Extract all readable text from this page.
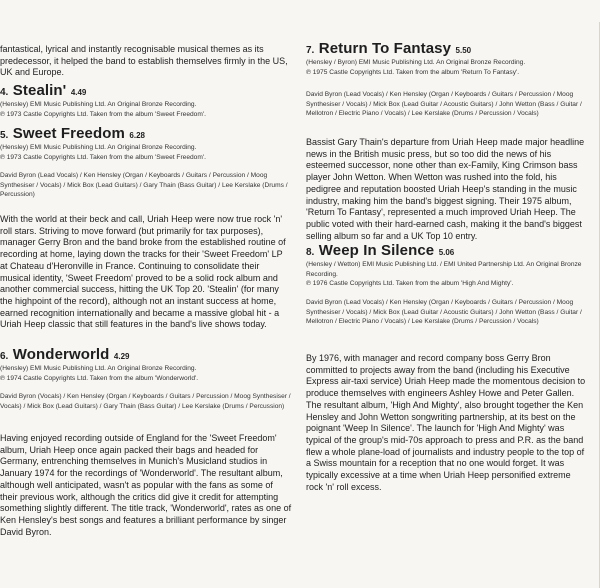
fantastical, lyrical and instantly recognisable musical themes as its predecessor, it helped the band to establish themselves firmly in the US, UK and Europe.
4. Stealin' 4.49
(Hensley) EMI Music Publishing Ltd. An Original Bronze Recording.
℗ 1973 Castle Copyrights Ltd. Taken from the album 'Sweet Freedom'.
5. Sweet Freedom 6.28
(Hensley) EMI Music Publishing Ltd. An Original Bronze Recording.
℗ 1973 Castle Copyrights Ltd. Taken from the album 'Sweet Freedom'.
David Byron (Lead Vocals) / Ken Hensley (Organ / Keyboards / Guitars / Percussion / Moog Synthesiser / Vocals) / Mick Box (Lead Guitars) / Gary Thain (Bass Guitar) / Lee Kerslake (Drums / Percussion)
With the world at their beck and call, Uriah Heep were now true rock 'n' roll stars. Striving to move forward (but primarily for tax purposes), manager Gerry Bron and the band broke from the established routine of recording at home, laying down the tracks for their 'Sweet Freedom' LP at Chateau d'Heronville in France. Continuing to consolidate their musical identity, 'Sweet Freedom' proved to be a solid rock album and another commercial success, hitting the UK Top 20. 'Stealin' (for many the highpoint of the record), although not an instant success at home, earned recognition internationally and became a massive global hit - a Uriah Heep classic that still features in the band's live shows today.
6. Wonderworld 4.29
(Hensley) EMI Music Publishing Ltd. An Original Bronze Recording.
℗ 1974 Castle Copyrights Ltd. Taken from the album 'Wonderworld'.
David Byron (Vocals) / Ken Hensley (Organ / Keyboards / Guitars / Percussion / Moog Synthesiser / Vocals) / Mick Box (Lead Guitars) / Gary Thain (Bass Guitar) / Lee Kerslake (Drums / Percussion)
Having enjoyed recording outside of England for the 'Sweet Freedom' album, Uriah Heep once again packed their bags and headed for Germany, entrenching themselves in Munich's Musicland studios in January 1974 for the recordings of 'Wonderworld'. The resultant album, although well anticipated, wasn't as popular with the fans as some of their previous work, although the critics did give it credit for attempting something slightly different. The title track, 'Wonderworld', rates as one of Ken Hensley's best songs and features a brilliant performance by singer David Byron.
7. Return To Fantasy 5.50
(Hensley / Byron) EMI Music Publishing Ltd. An Original Bronze Recording.
℗ 1975 Castle Copyrights Ltd. Taken from the album 'Return To Fantasy'.
David Byron (Lead Vocals) / Ken Hensley (Organ / Keyboards / Guitars / Percussion / Moog Synthesiser / Vocals) / Mick Box (Lead Guitar / Acoustic Guitars) / John Wetton (Bass / Guitar / Mellotron / Electric Piano / Vocals) / Lee Kerslake (Drums / Percussion / Vocals)
Bassist Gary Thain's departure from Uriah Heep made major headline news in the British music press, but so too did the news of his esteemed successor, none other than ex-Family, King Crimson bass player John Wetton. When Wetton was rushed into the fold, his pedigree and reputation boosted Uriah Heep's standing in the music industry, making him the band's biggest signing. Their 1975 album, 'Return To Fantasy', represented a much improved Uriah Heep. The public voted with their hard-earned cash, making it the band's biggest selling album so far and a UK Top 10 entry.
8. Weep In Silence 5.06
(Hensley / Wetton) EMI Music Publishing Ltd. / EMI United Partnership Ltd. An Original Bronze Recording.
℗ 1976 Castle Copyrights Ltd. Taken from the album 'High And Mighty'.
David Byron (Lead Vocals) / Ken Hensley (Organ / Keyboards / Guitars / Percussion / Moog Synthesiser / Vocals) / Mick Box (Lead Guitar / Acoustic Guitars) / John Wetton (Bass / Guitar / Mellotron / Electric Piano / Vocals) / Lee Kerslake (Drums / Percussion / Vocals)
By 1976, with manager and record company boss Gerry Bron committed to projects away from the band (including his Executive Express air-taxi service) Uriah Heep made the momentous decision to produce themselves with engineers Ashley Howe and Peter Gallen. The resultant album, 'High And Mighty', also brought together the Ken Hensley and John Wetton songwriting partnership, at its best on the poignant 'Weep In Silence'. The launch for 'High And Mighty' was typical of the group's mid-70s approach to press and P.R. as the band flew a whole plane-load of journalists and industry people to the top of a Swiss mountain for a reception that no one would forget. It was typically excessive at a time when Uriah Heep personified extreme rock 'n' roll excess.
